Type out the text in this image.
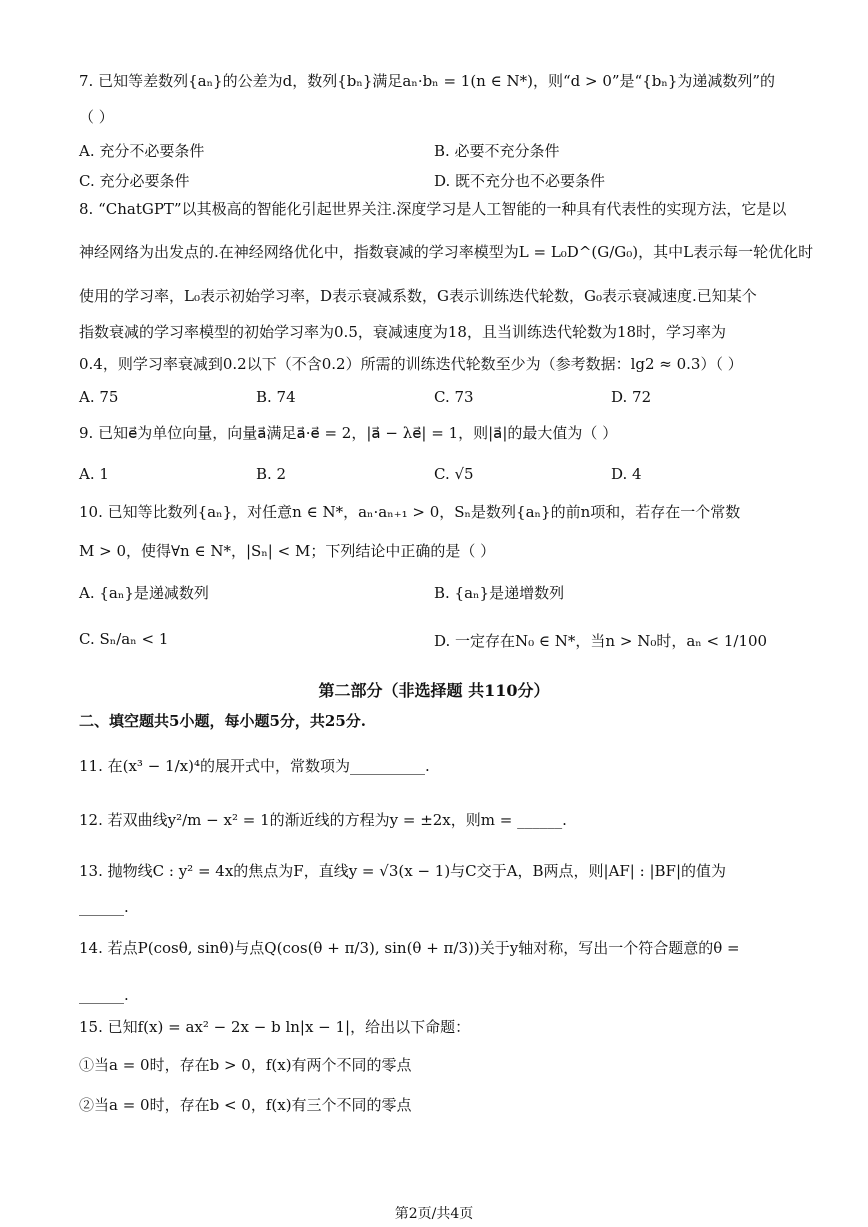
7. 已知等差数列{aₙ}的公差为d，数列{bₙ}满足aₙ·bₙ = 1(n ∈ N*)，则“d > 0”是“{bₙ}为递减数列”的
（ ）
A. 充分不必要条件	B. 必要不充分条件
C. 充分必要条件	D. 既不充分也不必要条件
8. “ChatGPT”以其极高的智能化引起世界关注.深度学习是人工智能的一种具有代表性的实现方法，它是以
神经网络为出发点的.在神经网络优化中，指数衰减的学习率模型为L = L₀D^(G/G₀)，其中L表示每一轮优化时
使用的学习率，L₀表示初始学习率，D表示衰减系数，G表示训练迭代轮数，G₀表示衰减速度.已知某个
指数衰减的学习率模型的初始学习率为0.5，衰减速度为18，且当训练迭代轮数为18时，学习率为
0.4，则学习率衰减到0.2以下（不含0.2）所需的训练迭代轮数至少为（参考数据：lg2 ≈ 0.3）（ ）
A. 75	B. 74	C. 73	D. 72
9. 已知e⃗为单位向量，向量a⃗满足a⃗·e⃗ = 2，|a⃗ − λe⃗| = 1，则|a⃗|的最大值为（ ）
A. 1	B. 2	C. √5	D. 4
10. 已知等比数列{aₙ}，对任意n ∈ N*，aₙ·aₙ₊₁ > 0，Sₙ是数列{aₙ}的前n项和，若存在一个常数
M > 0，使得∀n ∈ N*，|Sₙ| < M；下列结论中正确的是（ ）
A. {aₙ}是递减数列	B. {aₙ}是递增数列
C. Sₙ/aₙ < 1	D. 一定存在N₀ ∈ N*，当n > N₀时，aₙ < 1/100
第二部分（非选择题 共110分）
二、填空题共5小题，每小题5分，共25分.
11. 在(x³ − 1/x)⁴的展开式中，常数项为__________.
12. 若双曲线y²/m − x² = 1的渐近线的方程为y = ±2x，则m = ______.
13. 抛物线C : y² = 4x的焦点为F，直线y = √3(x − 1)与C交于A，B两点，则|AF| : |BF|的值为
______.
14. 若点P(cosθ, sinθ)与点Q(cos(θ + π/3), sin(θ + π/3))关于y轴对称，写出一个符合题意的θ =
______.
15. 已知f(x) = ax² − 2x − b ln|x − 1|，给出以下命题：
①当a = 0时，存在b > 0，f(x)有两个不同的零点
②当a = 0时，存在b < 0，f(x)有三个不同的零点
第2页/共4页
